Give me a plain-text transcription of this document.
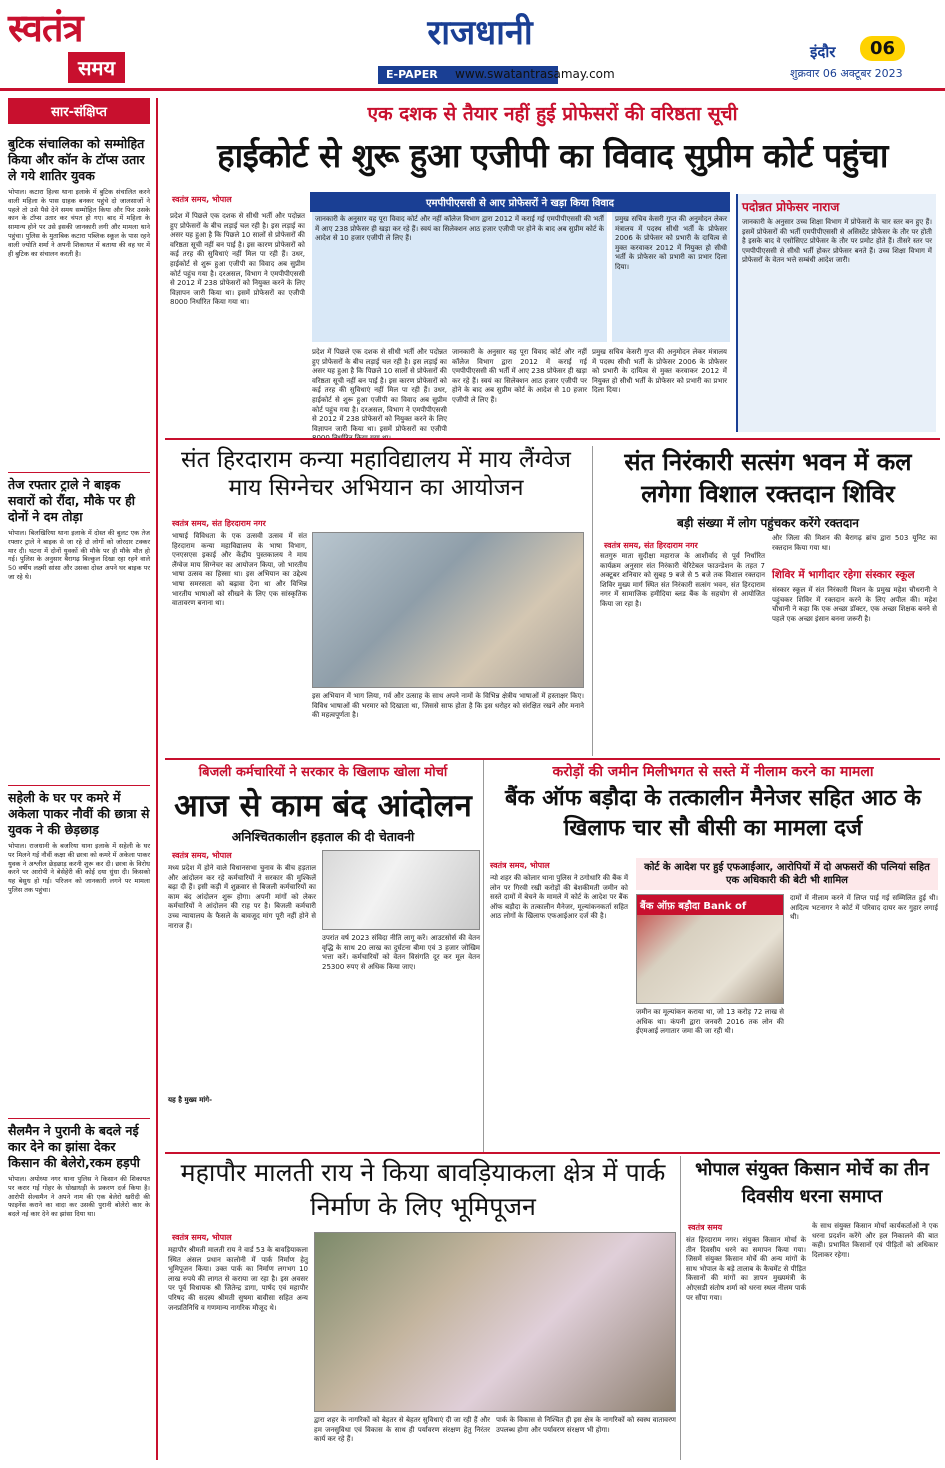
स्वतंत्र
समय
राजधानी
E-PAPER	www.swatantrasamay.com
इंदौर	06
शुक्रवार 06 अक्टूबर 2023
सार-संक्षिप्त
बुटिक संचालिका को सम्मोहित किया और कॉन के टॉप्स उतार ले गये शातिर युवक
भोपाल। कटारा हिल्स थाना इलाके में बुटिक संचालित करने वाली महिला के पास ग्राहक बनकर पहुंचे दो जालसाजों ने पहले तो उसे पैसे देने समय सम्मोहित किया और फिर उसके कान के टॉप्स उतार कर चंपत हो गए। बाद में महिला के सामान्य होने पर उसे इसकी जानकारी लगी और मामला थाने पहुंचा। पुलिस के मुताबिक कटारा पब्लिक स्कूल के पास रहने वाली ज्योति शर्मा ने अपनी शिकायत में बताया की वह घर में ही बुटिक का संचालन करती है।
तेज रफ्तार ट्राले ने बाइक सवारों को रौंदा, मौके पर ही दोनों ने दम तोड़ा
भोपाल। बिलखिरिया थाना इलाके में दोस्त की बुलट एक तेज रफ्तार ट्राले ने बाइक से जा रहे दो लोगों को जोरदार टक्कर मार दी। घटना में दोनों युवकों की मौके पर ही मौके मौत हो गई। पुलिस के अनुसार बैरागढ़ बिल्कुल दिखा रहा रहने वाले 50 वर्षीय लक्ष्मी सांसा और उसका दोस्त अपने घर बाइक पर जा रहे थे।
सहेली के घर पर कमरे में अकेला पाकर नौवीं की छात्रा से युवक ने की छेड़छाड़
भोपाल। राजधानी के बजरिया थाना इलाके में सहेली के घर पर मिलने गई नौवीं कक्षा की छात्रा को कमरे में अकेला पाकर युवक ने अश्लील छेड़छाड़ करनी शुरू कर दी। छात्रा के विरोध करने पर आरोपी ने बेसेहेरी की कोई दया धुंधा दी। किसको यह बेसुध हो गई। परिजन को जानकारी लगने पर मामला पुलिस तक पहुंचा।
सैलमैन ने पुरानी के बदले नई कार देने का झांसा देकर किसान की बेलेरो,रकम हड़पी
भोपाल। अयोध्या नगर थाना पुलिस ने किसान की शिकायत पर करार गई गोहर के धोखाधड़ी के प्रकरण दर्ज किया है। आरोपी सेल्समैन ने अपने नाम की एक बेलेरो खरीदी की फाइनेंस कराने का वादा कर उसकी पुरानी बोलेरो कार के बदले नई कार देने का झांसा दिया था।
एक दशक से तैयार नहीं हुई प्रोफेसरों की वरिष्ठता सूची
हाईकोर्ट से शुरू हुआ एजीपी का विवाद सुप्रीम कोर्ट पहुंचा
स्वतंत्र समय, भोपाल	एमपीपीएससी से आए प्रोफेसरों ने खड़ा किया विवाद
प्रदेश में पिछले एक दशक से सीधी भर्ती और पदोन्नत हुए प्रोफेसरों के बीच लड़ाई चल रही है। इस लड़ाई का असर यह हुआ है कि पिछले 10 सालों से प्रोफेसरों की वरिष्ठता सूची नहीं बन पाई है। इस कारण प्रोफेसरों को कई तरह की सुविधाएं नहीं मिल पा रही हैं। उधर, हाईकोर्ट से शुरू हुआ एजीपी का विवाद अब सुप्रीम कोर्ट पहुंच गया है। दरअसल, विभाग ने एमपीपीएससी से 2012 में 238 प्रोफेसरों को नियुक्त करने के लिए विज्ञापन जारी किया था। इसमें प्रोफेसरों का एजीपी 8000 निर्धारित किया गया था।
जानकारी के अनुसार यह पूरा विवाद कोर्ट और नहीं कॉलेज विभाग द्वारा 2012 में कराई गई एमपीपीएससी की भर्ती में आए 238 प्रोफेसर ही खड़ा कर रहे हैं। स्वयं का सिलेक्शन आठ हजार एजीपी पर होने के बाद अब सुप्रीम कोर्ट के आदेश से 10 हजार एजीपी ले लिए हैं।
प्रमुख सचिव केसरी गुप्त की अनुमोदन लेकर मंत्रालय में पदस्थ सीधी भर्ती के प्रोफेसर 2006 के प्रोफेसर को प्रभारी के दायित्व से मुक्त करवाकर 2012 में नियुक्त हो सीधी भर्ती के प्रोफेसर को प्रभारी का प्रभार दिला दिया।
प्रदेश में पिछले एक दशक से सीधी भर्ती और पदोन्नत हुए प्रोफेसरों के बीच लड़ाई चल रही है। इस लड़ाई का असर यह हुआ है कि पिछले 10 सालों से प्रोफेसरों की वरिष्ठता सूची नहीं बन पाई है। इस कारण प्रोफेसरों को कई तरह की सुविधाएं नहीं मिल पा रही हैं। उधर, हाईकोर्ट से शुरू हुआ एजीपी का विवाद अब सुप्रीम कोर्ट पहुंच गया है। दरअसल, विभाग ने एमपीपीएससी से 2012 में 238 प्रोफेसरों को नियुक्त करने के लिए विज्ञापन जारी किया था। इसमें प्रोफेसरों का एजीपी
जानकारी के अनुसार यह पूरा विवाद कोर्ट और नहीं कॉलेज विभाग द्वारा 2012 में कराई गई एमपीपीएससी की भर्ती में आए 238 प्रोफेसर ही खड़ा कर रहे हैं। स्वयं का सिलेक्शन आठ हजार एजीपी पर होने के बाद अब सुप्रीम कोर्ट के आदेश से 10 हजार एजीपी ले लिए हैं।
प्रमुख सचिव केसरी गुप्त की अनुमोदन लेकर मंत्रालय में पदस्थ सीधी भर्ती के प्रोफेसर 2006 के प्रोफेसर को प्रभारी के दायित्व से मुक्त करवाकर 2012 में नियुक्त हो सीधी भर्ती के प्रोफेसर को प्रभारी का प्रभार दिला दिया।
पदोन्नत प्रोफेसर नाराज
जानकारी के अनुसार उच्च शिक्षा विभाग में प्रोफेसरों के चार स्तर बन हुए हैं। इसमें प्रोफेसरों की भर्ती एमपीपीएससी से असिस्टेंट प्रोफेसर के तौर पर होती है इसके बाद वे एसोसिएट प्रोफेसर के तौर पर प्रमोट होते हैं। तीसरे स्तर पर एमपीपीएससी से सीधी भर्ती होकर प्रोफेसर बनते हैं। उच्च शिक्षा विभाग में प्रोफेसरों के वेतन भत्ते सम्बंधी आदेश जारी।
संत हिरदाराम कन्या महाविद्यालय में माय लैंग्वेज माय सिग्नेचर अभियान का आयोजन
स्वतंत्र समय, संत हिरदाराम नगर
भाषाई विविधता के एक उत्सवी उत्सव में संत हिरदाराम कन्या महाविद्यालय के भाषा विभाग, एनएसएस इकाई और केंद्रीय पुस्तकालय ने माय लैंग्वेज माय सिग्नेचर का आयोजन किया, जो भारतीय भाषा उत्सव का हिस्सा था। इस अभियान का उद्देश्य भाषा समरसता को बढ़ावा देना था और विभिन्न भारतीय भाषाओं को सीखने के लिए एक सांस्कृतिक वातावरण बनाना था।
इस अभियान में भाग लिया, गर्व और उत्साह के साथ अपने नामों के विभिन्न क्षेत्रीय भाषाओं में हस्ताक्षर किए। विविध भाषाओं की भरमार को दिखाता था, जिससे साफ होता है कि इस धरोहर को संरक्षित रखने और मनाने की महत्वपूर्णता है।
संत निरंकारी सत्संग भवन में कल लगेगा विशाल रक्तदान शिविर
बड़ी संख्या में लोग पहुंचकर करेंगे रक्तदान
स्वतंत्र समय, संत हिरदाराम नगर
सतगुरु माता सुदीक्षा महाराज के आशीर्वाद से पूर्व निर्धारित कार्यक्रम अनुसार संत निरंकारी चेरिटेबल फाउन्डेशन के तहत 7 अक्टूबर शनिवार को सुबह 9 बजे से 5 बजे तक विशाल रक्तदान शिविर मुख्य मार्ग स्थित संत निरंकारी सत्संग भवन, संत हिरदाराम नगर में सामाजिक हमीदिया ब्लड बैंक के सहयोग से आयोजित किया जा रहा है।
और जिला की मिशन की बैरागढ़ ब्रांच द्वारा 503 यूनिट का रक्तदान किया गया था।
शिविर में भागीदार रहेगा संस्कार स्कूल
संस्कार स्कूल में संत निरंकारी मिशन के प्रमुख महेश चौधरानी ने पहुंचकर शिविर में रक्तदान करने के लिए अपील की। महेश चौधानी ने कहा कि एक अच्छा डॉक्टर, एक अच्छा शिक्षक बनने से पहले एक अच्छा इंसान बनना जरूरी है।
बिजली कर्मचारियों ने सरकार के खिलाफ खोला मोर्चा
आज से काम बंद आंदोलन
अनिश्चितकालीन हड़ताल की दी चेतावनी
स्वतंत्र समय, भोपाल
मध्य प्रदेश में होने वाले विधानसभा चुनाव के बीच हड़ताल और आंदोलन कर रहे कर्मचारियों ने सरकार की मुश्किलें बढ़ा दी हैं। इसी कड़ी में शुक्रवार से बिजली कर्मचारियों का काम बंद आंदोलन शुरू होगा। अपनी मांगों को लेकर कर्मचारियों ने आंदोलन की राह पर है। बिजली कर्मचारी उच्च न्यायालय के फैसले के बावजूद मांग पूरी नहीं होने से नाराज हैं।
उपरांत वर्ष 2023 संविदा नीति लागू करें। आउटसोर्स की वेतन वृद्धि के साथ 20 लाख का दुर्घटना बीमा एवं 3 हजार जोखिम भत्ता करें। कर्मचारियों को वेतन विसंगति दूर कर मूल वेतन 25300 रुपए से अधिक किया जाए।
यह है मुख्य मांगे-
करोड़ों की जमीन मिलीभगत से सस्ते में नीलाम करने का मामला
बैंक ऑफ बड़ौदा के तत्कालीन मैनेजर सहित आठ के खिलाफ चार सौ बीसी का मामला दर्ज
कोर्ट के आदेश पर हुई एफआईआर, आरोपियों में दो अफसरों की पत्नियां सहित एक अधिकारी की बेटी भी शामिल
स्वतंत्र समय, भोपाल
न्यो शहर की कोलार थाना पुलिस ने ठगोधारि की बैंक में लोन पर गिरवी रखी करोड़ों की बेशकीमती जमीन को सस्ते दामों में बेचने के मामले में कोर्ट के आदेश पर बैंक ऑफ बड़ौदा के तत्कालीन मैनेजर, मूल्यांकनकर्ता सहित आठ लोगों के खिलाफ एफआईआर दर्ज की है।
बैंक ऑफ़ बड़ौदा Bank of
जमीन का मूल्यांकन कराया था, जो 13 करोड़ 72 लाख से अधिक था। कंपनी द्वारा जनवरी 2016 तक लोन की ईएमआई लगातार जमा की जा रही थी।
दामों में नीलाम करने में लिप्त पाई गई सम्मिलित हुई थी। आदित्य भटनागर ने कोर्ट में परिवाद दायर कर गुहार लगाई थी।
महापौर मालती राय ने किया बावड़ियाकला क्षेत्र में पार्क निर्माण के लिए भूमिपूजन
स्वतंत्र समय, भोपाल
महापौर श्रीमती मालती राय ने वार्ड 53 के बावड़ियाकला स्थित अंसल प्रधान कालोनी में पार्क निर्माण हेतु भूमिपूजन किया। उक्त पार्क का निर्माण लगभग 10 लाख रुपये की लागत से कराया जा रहा है। इस अवसर पर पूर्व विधायक श्री जितेन्द्र डागा, पार्षद एवं महापौर परिषद की सदस्य श्रीमती सुषमा बावीसा सहित अन्य जनप्रतिनिधि व गणमान्य नागरिक मौजूद थे।
द्वारा शहर के नागरिकों को बेहतर से बेहतर सुविधाएं दी जा रही हैं और हम जनसुविधा एवं विकास के साथ ही पर्यावरण संरक्षण हेतु निरंतर कार्य कर रहे हैं।
पार्क के विकास से निश्चित ही इस क्षेत्र के नागरिकों को स्वस्थ वातावरण उपलब्ध होगा और पर्यावरण संरक्षण भी होगा।
भोपाल संयुक्त किसान मोर्चे का तीन दिवसीय धरना समाप्त
स्वतंत्र समय
संत हिरदाराम नगर। संयुक्त किसान मोर्चा के तीन दिवसीय धरने का समापन किया गया। जिसमें संयुक्त किसान मोर्चे की अन्य मांगों के साथ भोपाल के बड़े तालाब के कैचमेंट से पीड़ित किसानों की मांगों का ज्ञापन मुख्यमंत्री के ओएसडी संतोष शर्मा को धरना स्थल नीलम पार्क पर सौंपा गया।
के साथ संयुक्त किसान मोर्चा कार्यकर्ताओं ने एक धरना प्रदर्शन करेंगे और हल निकालने की बात कही। प्रभावित किसानों एवं पीड़ितों को अधिकार दिलाकर रहेगा।
